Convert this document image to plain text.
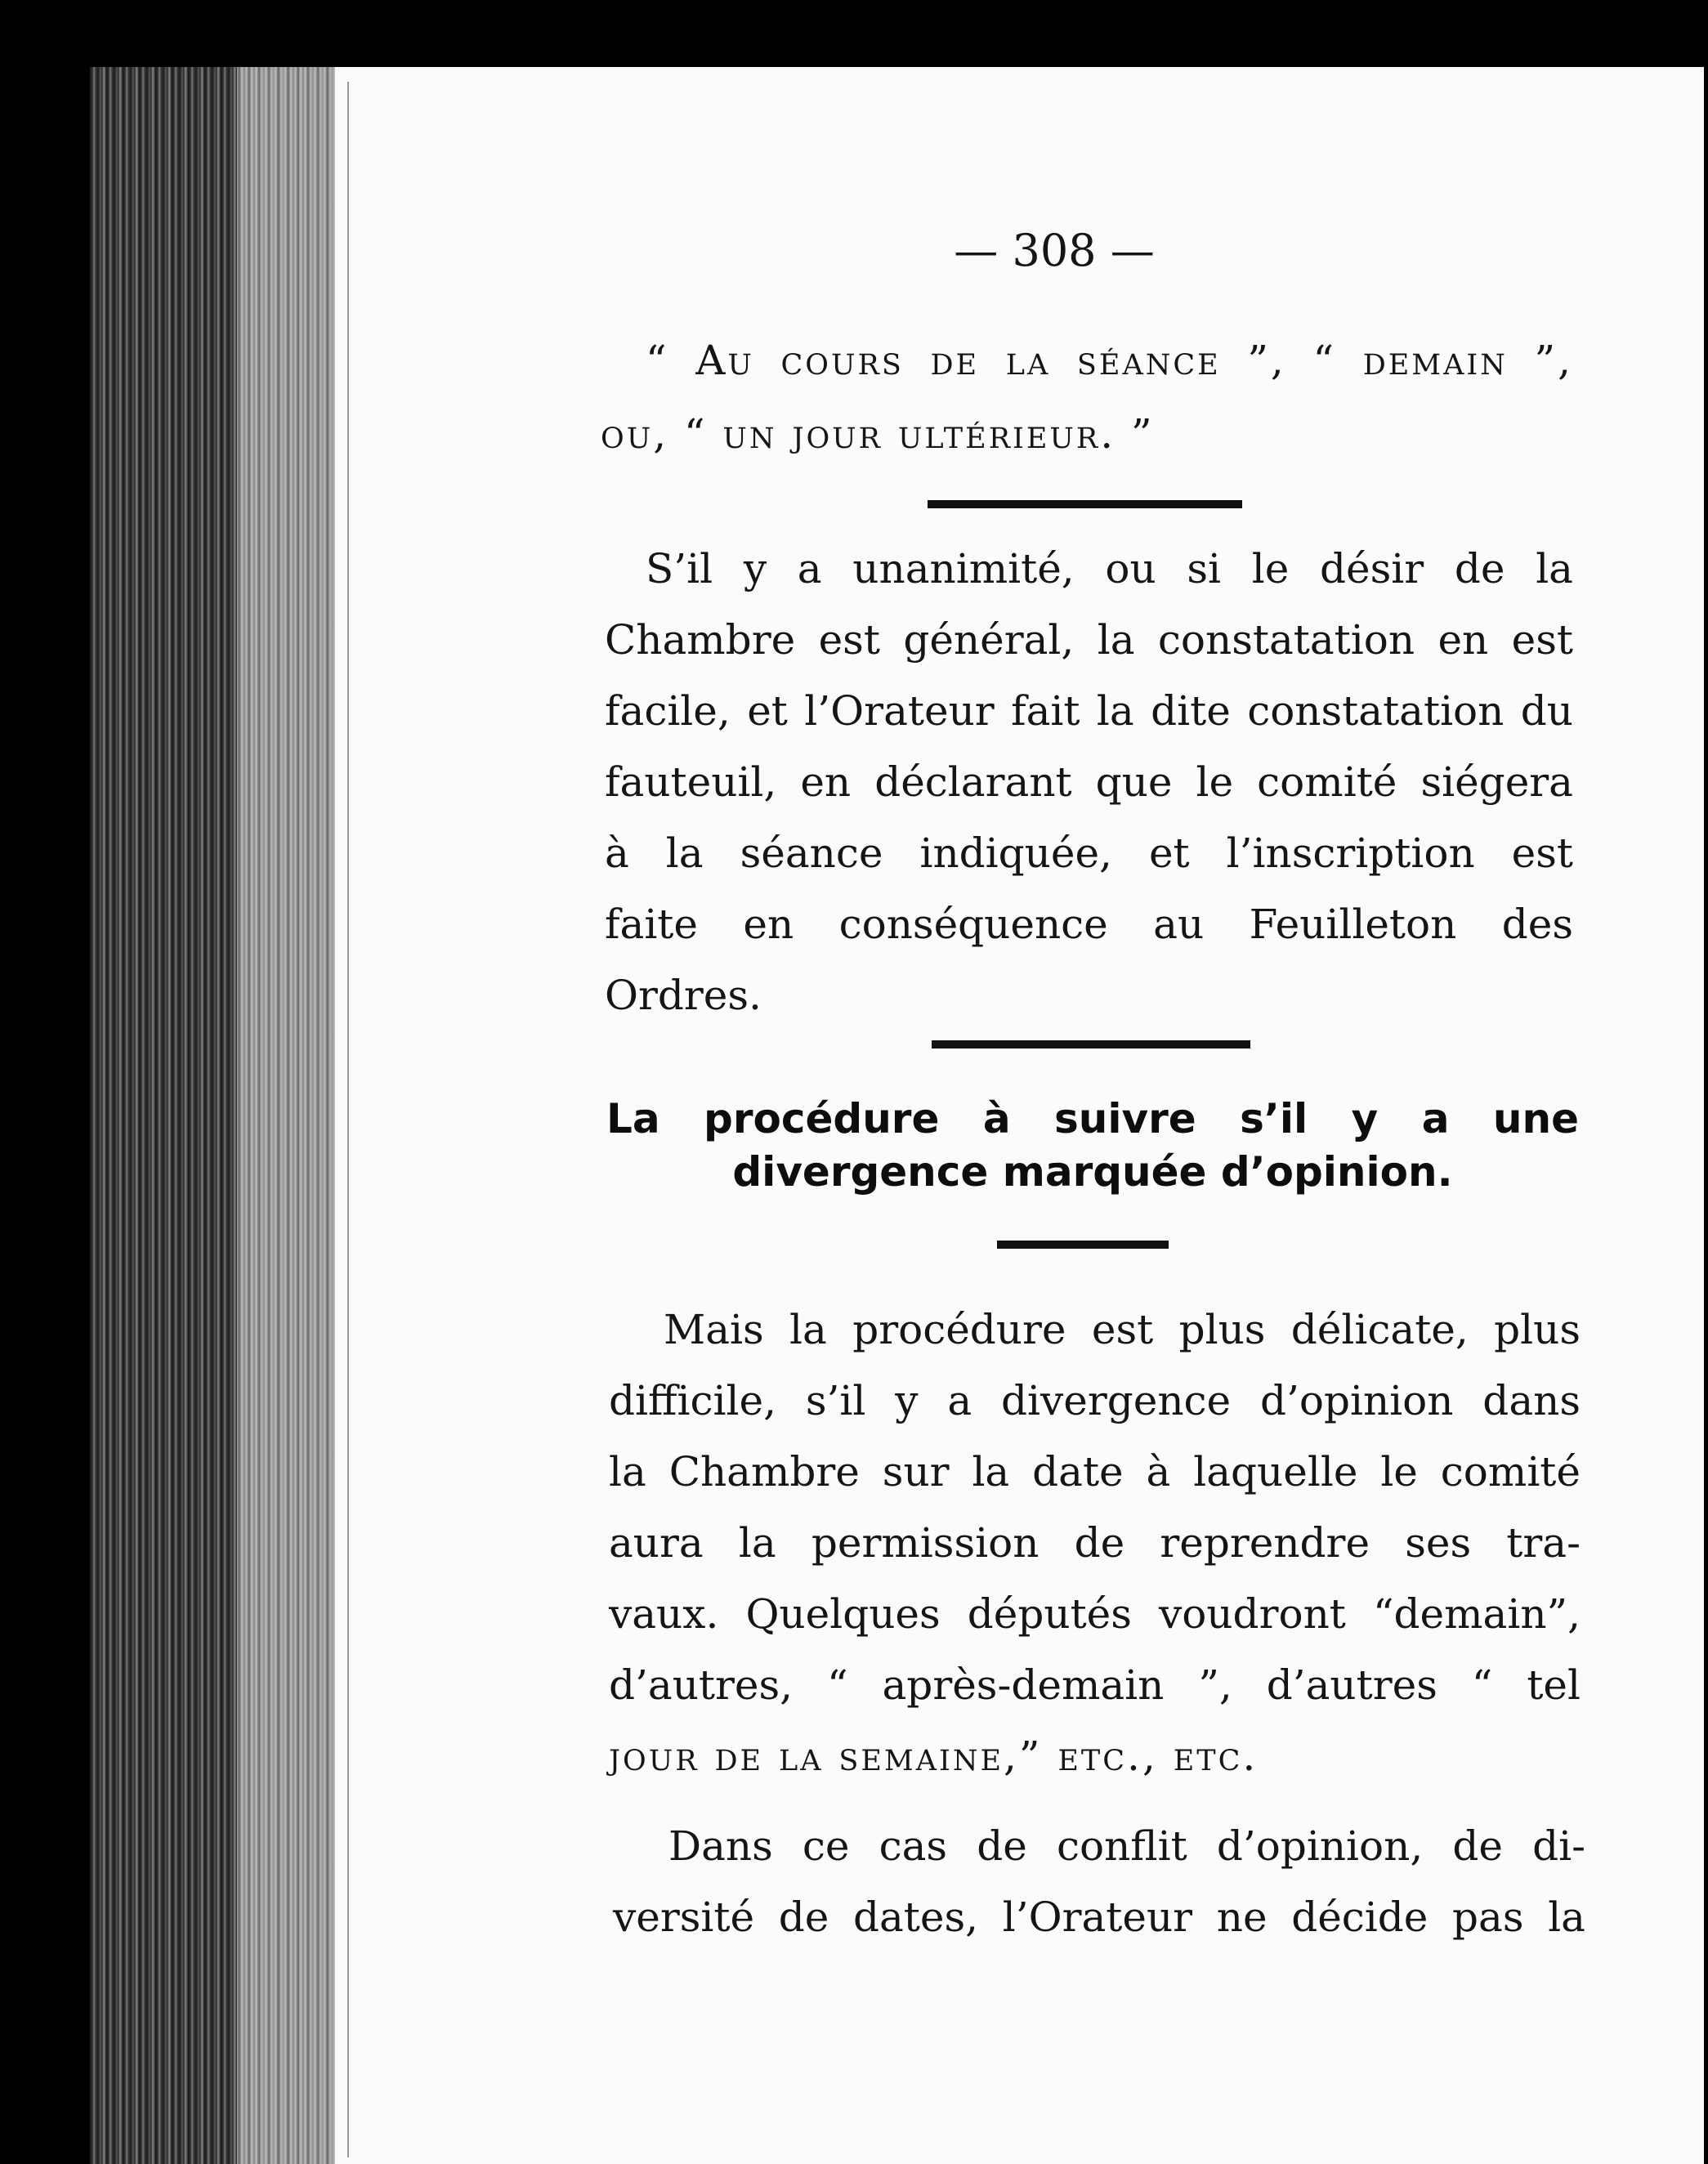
— 308 —

“ Au cours de la séance ”, “ demain ”,

ou, “ un jour ultérieur. ”

S’il y a unanimité, ou si le désir de la

Chambre est général, la constatation en est

facile, et l’Orateur fait la dite constatation du

fauteuil, en déclarant que le comité siégera

à la séance indiquée, et l’inscription est

faite en conséquence au Feuilleton des

Ordres.

La procédure à suivre s’il y a une

divergence marquée d’opinion.

Mais la procédure est plus délicate, plus

difficile, s’il y a divergence d’opinion dans

la Chambre sur la date à laquelle le comité

aura la permission de reprendre ses tra-

vaux. Quelques députés voudront “demain”,

d’autres, “ après-demain ”, d’autres “ tel

jour de la semaine,” etc., etc.

Dans ce cas de conflit d’opinion, de di-

versité de dates, l’Orateur ne décide pas la
